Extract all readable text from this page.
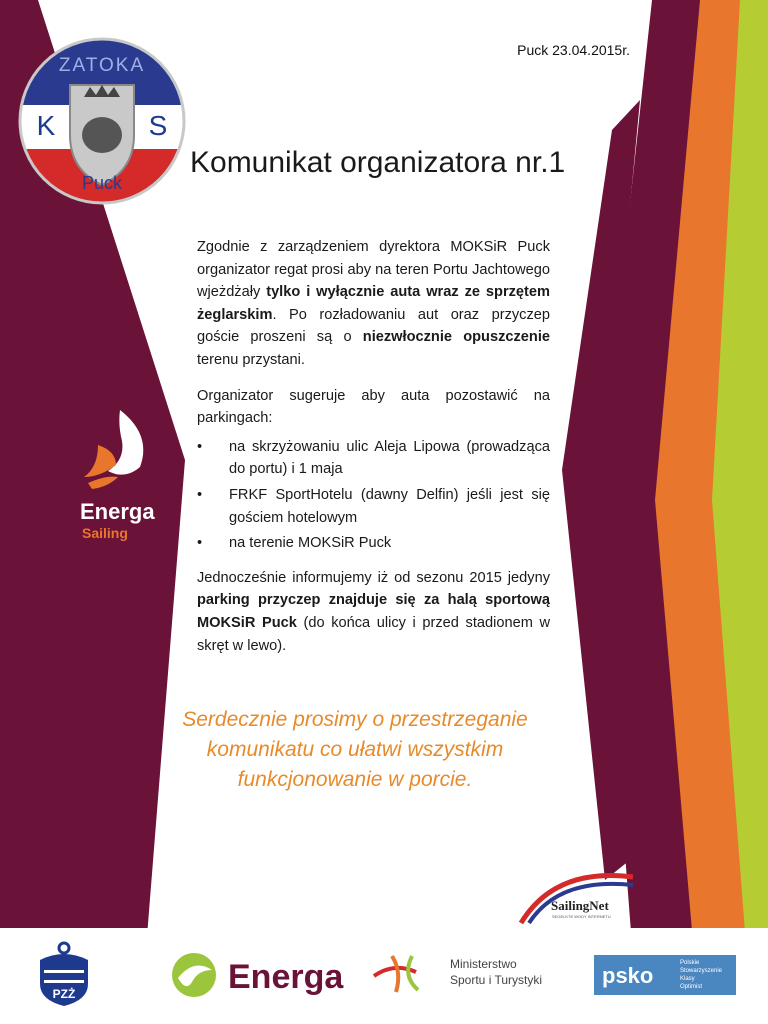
ZATOKA
K	S
Puck
Puck 23.04.2015r.
Komunikat organizatora nr.1

Zgodnie z zarządzeniem dyrektora MOKSiR Puck organizator regat prosi aby na teren Portu Jachtowego wjeżdżały tylko i wyłącznie auta wraz ze sprzętem żeglarskim. Po rozładowaniu aut oraz przyczep goście proszeni są o niezwłocznie opuszczenie terenu przystani.

Organizator sugeruje aby auta pozostawić na parkingach:

• na skrzyżowaniu ulic Aleja Lipowa (prowadząca do portu) i 1 maja
• FRKF SportHotelu (dawny Delfin) jeśli jest się gościem hotelowym
• na terenie MOKSiR Puck

Jednocześnie informujemy iż od sezonu 2015 jedyny parking przyczep znajduje się za halą sportową MOKSiR Puck (do końca ulicy i przed stadionem w skręt w lewo).

Serdecznie prosimy o przestrzeganie komunikatu co ułatwi wszystkim funkcjonowanie w porcie.
Energa
Sailing
SailingNet
SEGELKTE WODY INTERNETU
PZŻ	Energa	Ministerstwo
Sportu i Turystyki	psko	Polskie
Stowarzyszenie
Klasy
Optimist
